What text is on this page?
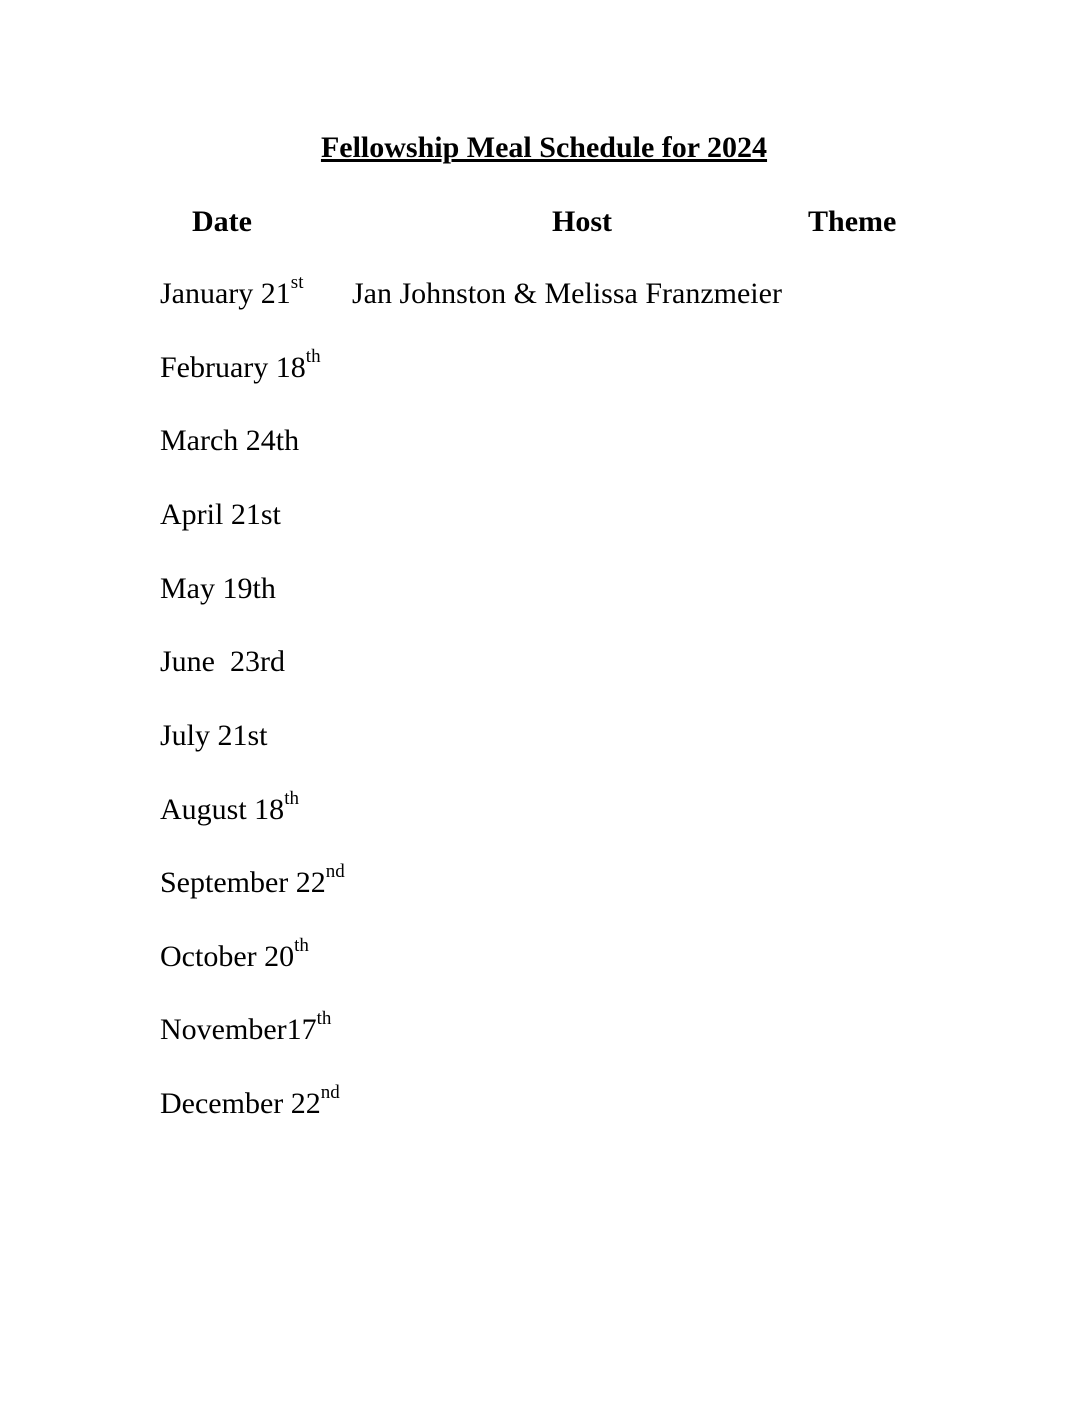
Fellowship Meal Schedule for 2024
Date	Host	Theme
January 21st Jan Johnston & Melissa Franzmeier
February 18th
March 24th
April 21st
May 19th
June  23rd
July 21st
August 18th
September 22nd
October 20th
November17th
December 22nd
